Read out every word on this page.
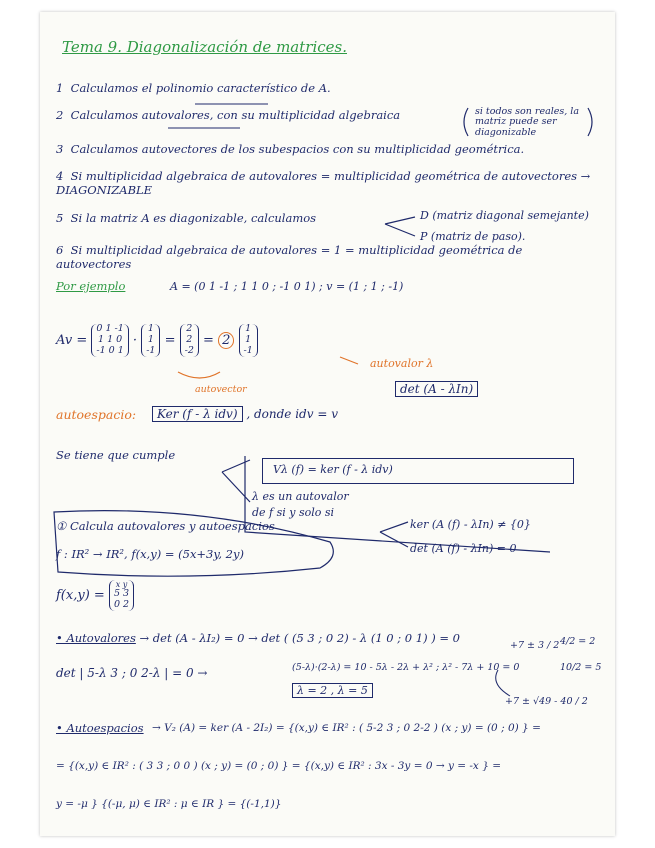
Tema 9. Diagonalización de matrices.
1 Calculamos el polinomio característico de A.
2 Calculamos autovalores, con su multiplicidad algebraica	si todos son reales, la matriz puede ser diagonizable
3 Calculamos autovectores de los subespacios con su multiplicidad geométrica.
4 Si multiplicidad algebraica de autovalores = multiplicidad geométrica de autovectores → DIAGONIZABLE
5 Si la matriz A es diagonizable, calculamos	D (matriz diagonal semejante)
P (matriz de paso).
6 Si multiplicidad algebraica de autovalores = 1 = multiplicidad geométrica de autovectores
Por ejemplo	A = (0 1 -1 ; 1 1 0 ; -1 0 1) ; v = (1 ; 1 ; -1)
Av =
0 1 -1
1 1 0
-1 0 1
·
1
1
-1
=
2
2
-2
= 2
1
1
-1
autovalor λ
autovector	det (A - λIn)
autoespacio:	Ker (f - λ idv) , donde idv = v
Se tiene que cumple
Vλ (f) = ker (f - λ idv)
λ es un autovalor
de f si y solo si
ker (A (f) - λIn) ≠ {0}
det (A (f) - λIn) = 0
① Calcula autovalores y autoespacios
f : IR² → IR², f(x,y) = (5x+3y, 2y)
f(x,y) =
x y
5 3
0 2
• Autovalores → det (A - λI₂) = 0 → det ( (5 3 ; 0 2) - λ (1 0 ; 0 1) ) = 0
det | 5-λ 3 ; 0 2-λ | = 0 →	(5-λ)·(2-λ) = 10 - 5λ - 2λ + λ² ; λ² - 7λ + 10 = 0
λ = 2 , λ = 5
+7 ± 3 / 2 4/2 = 2
10/2 = 5
+7 ± √49 - 40 / 2
• Autoespacios → V₂ (A) = ker (A - 2I₂) = {(x,y) ∈ IR² : ( 5-2 3 ; 0 2-2 ) (x ; y) = (0 ; 0) } =
= {(x,y) ∈ IR² : ( 3 3 ; 0 0 ) (x ; y) = (0 ; 0) } = {(x,y) ∈ IR² : 3x - 3y = 0 → y = -x } =
y = -μ } {(-μ, μ) ∈ IR² : μ ∈ IR } = {(-1,1)}
